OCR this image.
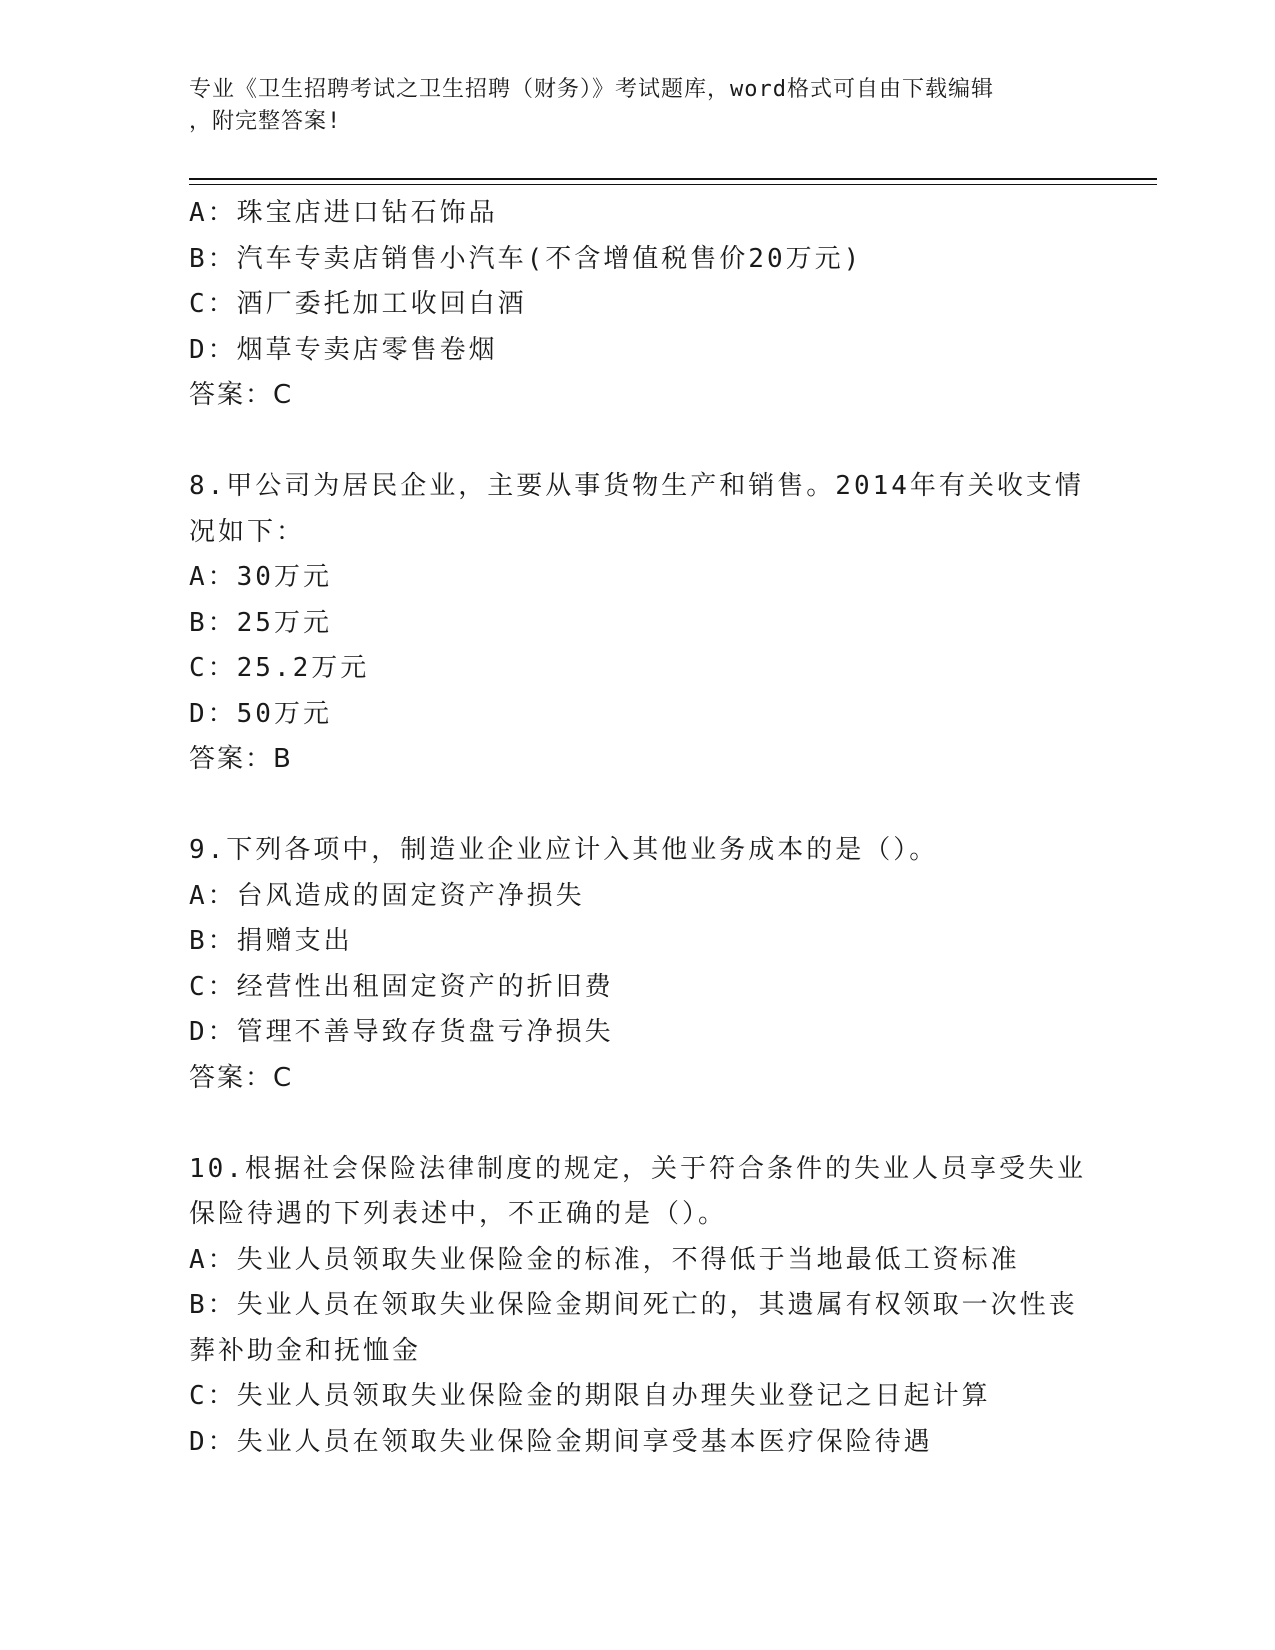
专业《卫生招聘考试之卫生招聘（财务）》考试题库，word格式可自由下载编辑
，附完整答案!
A：珠宝店进口钻石饰品
B：汽车专卖店销售小汽车(不含增值税售价20万元)
C：酒厂委托加工收回白酒
D：烟草专卖店零售卷烟
答案：C
8.甲公司为居民企业，主要从事货物生产和销售。2014年有关收支情
况如下：
A：30万元
B：25万元
C：25.2万元
D：50万元
答案：B
9.下列各项中，制造业企业应计入其他业务成本的是（）。
A：台风造成的固定资产净损失
B：捐赠支出
C：经营性出租固定资产的折旧费
D：管理不善导致存货盘亏净损失
答案：C
10.根据社会保险法律制度的规定，关于符合条件的失业人员享受失业
保险待遇的下列表述中，不正确的是（）。
A：失业人员领取失业保险金的标准，不得低于当地最低工资标准
B：失业人员在领取失业保险金期间死亡的，其遗属有权领取一次性丧
葬补助金和抚恤金
C：失业人员领取失业保险金的期限自办理失业登记之日起计算
D：失业人员在领取失业保险金期间享受基本医疗保险待遇
